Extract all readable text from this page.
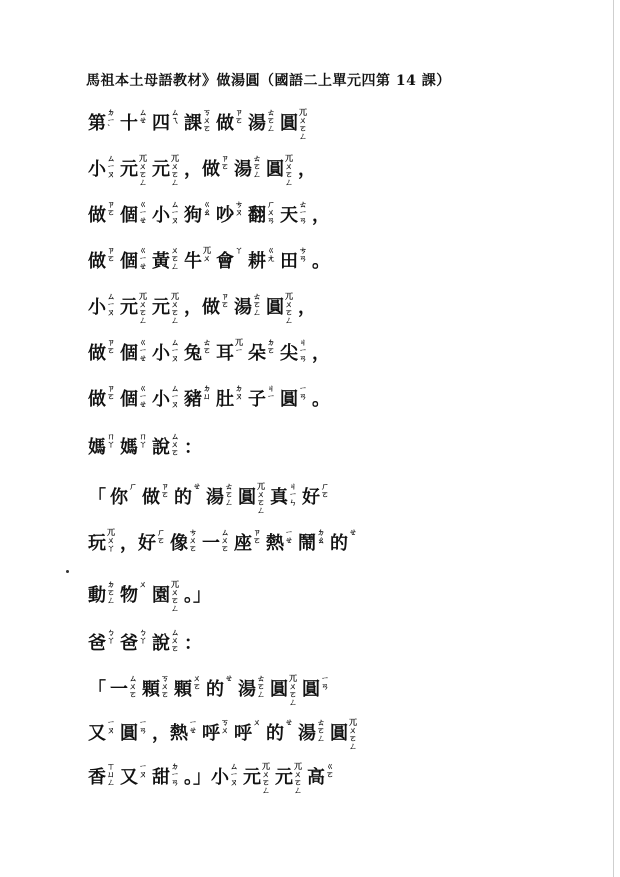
馬祖本土母語教材》做湯圓（國語二上單元四第 14 課）
第ㄉㄧˋ 十ㄙㄝ 四ㄙㄟ 課ㄎㄨㄛ 做ㄗㄛ 湯ㄊㄛㄥ 圓ㄫㄨㄛㄥ
小ㄙㄧㄡ 元ㄫㄨㄛㄥ元ㄫㄨㄛㄥ，做ㄗㄛ 湯ㄊㄛㄥ 圓ㄫㄨㄛㄥ，
做ㄗㄛ 個ㄍㄧㄝ 小ㄙㄧㄡ 狗ㄍㄠ 吵ㄘㄡ 翻ㄏㄨㄢ 天ㄊㄧㄢ ，
做ㄗㄛ 個ㄍㄧㄝ 黃ㄨㄛㄥ 牛ㄫㄨ 會ㄚ耕ㄍㄤ 田ㄘㄢ 。
小ㄙㄧㄡ 元ㄫㄨㄛㄥ元ㄫㄨㄛㄥ，做ㄗㄛ 湯ㄊㄛㄥ 圓ㄫㄨㄛㄥ，
做ㄗㄛ 個ㄍㄧㄝ 小ㄙㄧㄡ 兔ㄊㄛ 耳ㄫㄧ 朵ㄉㄛ 尖ㄐㄧㄢ ，
做ㄗㄛ 個ㄍㄧㄝ 小ㄙㄧㄡ 豬ㄉㄩ 肚ㄉㄡ 子ㄐㄧ 圓ㄧㄢ 。
媽ㄇㄚ 媽ㄇㄚ 說ㄙㄨㄛ ：
「 你ㄏ做ㄗㄛ 的ㄝ湯ㄊㄛㄥ 圓ㄫㄨㄛㄥ真ㄐㄧㄣ 好ㄏㄛ
玩ㄫㄨㄚ ，好ㄏㄛ 像ㄘㄨㄛ 一ㄙㄨㄛ 座ㄗㄛ 熱ㄧㄝ 鬧ㄉㄠ 的ㄝ
動ㄉㄛㄥ 物ㄨ園ㄫㄨㄛㄥ。」
爸ㄅㄚ 爸ㄅㄚ 說ㄙㄨㄛ ：
「 一ㄙㄨㄛ 顆ㄎㄨㄛ 顆ㄨㄛ 的ㄝ湯ㄊㄛㄥ 圓ㄫㄨㄛㄥ圓ㄧㄢ
又ㄧㄡ 圓ㄧㄢ ，熱ㄧㄝ 呼ㄎㄨ 呼ㄨ的ㄝ湯ㄊㄛㄥ 圓ㄫㄨㄛㄥ
香ㄒㄩㄥ 又ㄧㄡ 甜ㄉㄧㄢ 。」小ㄙㄧㄡ 元ㄫㄨㄛㄥ元ㄫㄨㄛㄥ高ㄍㄛ
